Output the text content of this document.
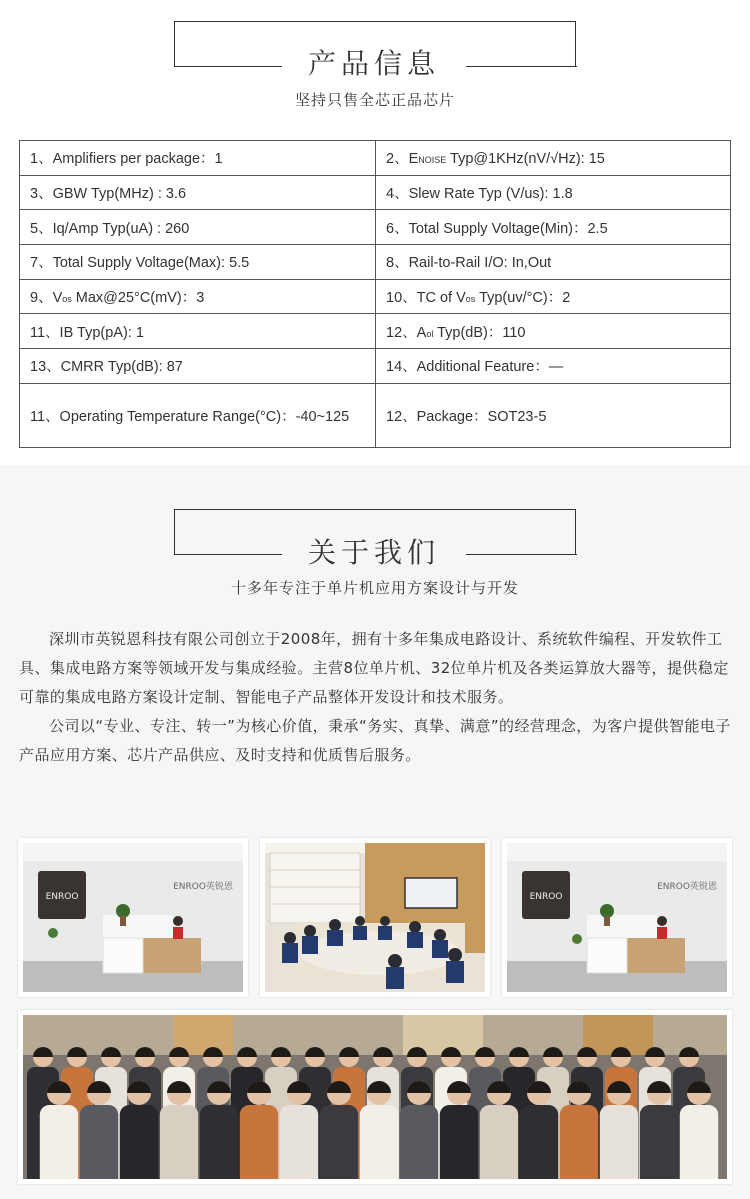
产品信息
坚持只售全芯正品芯片
1、Amplifiers per package：1	2、ENOISE Typ@1KHz(nV/√Hz): 15
3、GBW Typ(MHz) : 3.6	4、Slew Rate Typ (V/us): 1.8
5、Iq/Amp Typ(uA) : 260	6、Total Supply Voltage(Min)：2.5
7、Total Supply Voltage(Max): 5.5	8、Rail-to-Rail I/O: In,Out
9、Vos Max@25°C(mV)：3	10、TC of Vos Typ(uv/°C)：2
11、IB Typ(pA): 1	12、Aol Typ(dB)：110
13、CMRR Typ(dB): 87	14、Additional Feature：—
11、Operating Temperature Range(°C)：-40~125	12、Package：SOT23-5
关于我们
十多年专注于单片机应用方案设计与开发

深圳市英锐恩科技有限公司创立于2008年，拥有十多年集成电路设计、系统软件编程、开发软件工具、集成电路方案等领域开发与集成经验。主营8位单片机、32位单片机及各类运算放大器等，提供稳定可靠的集成电路方案设计定制、智能电子产品整体开发设计和技术服务。

公司以“专业、专注、转一”为核心价值，秉承“务实、真挚、满意”的经营理念，为客户提供智能电子产品应用方案、芯片产品供应、及时支持和优质售后服务。

ENROO
ENROO英锐恩
ENROO
ENROO英锐恩
